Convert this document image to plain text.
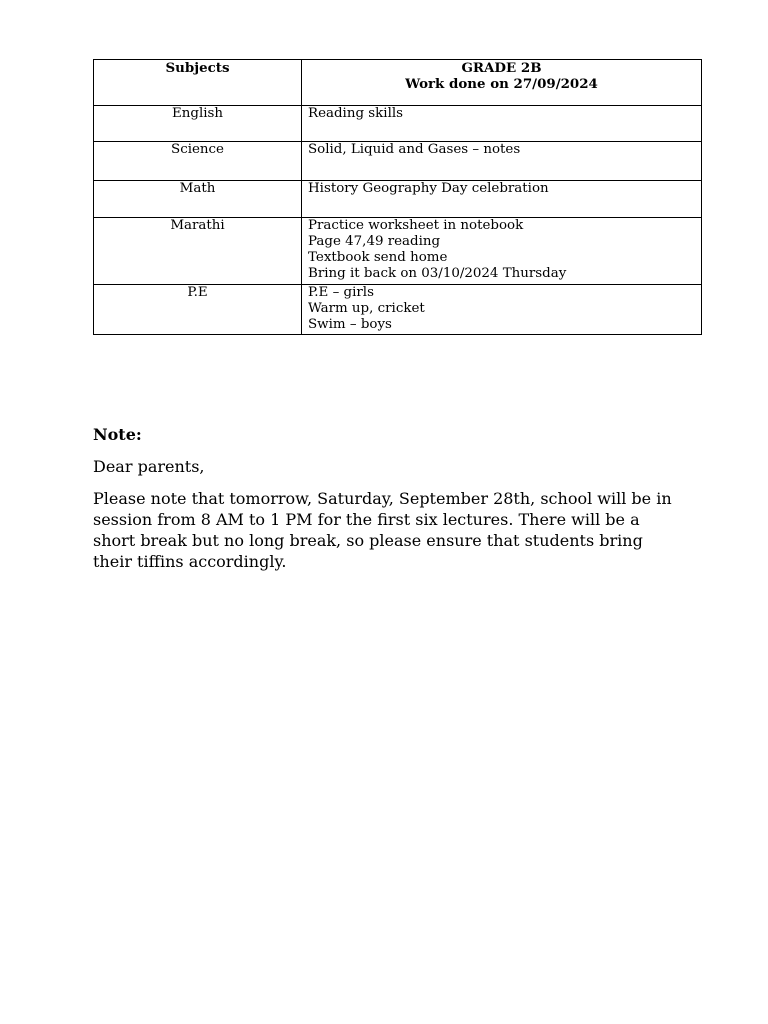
Subjects	GRADE 2B
Work done on 27/09/2024

English	Reading skills

Science	Solid, Liquid and Gases – notes

Math	History Geography Day celebration

Marathi	Practice worksheet in notebook
Page 47,49 reading
Textbook send home
Bring it back on 03/10/2024 Thursday

P.E	P.E – girls
Warm up, cricket
Swim – boys

Note:

Dear parents,

Please note that tomorrow, Saturday, September 28th, school will be in session from 8 AM to 1 PM for the first six lectures. There will be a short break but no long break, so please ensure that students bring their tiffins accordingly.
